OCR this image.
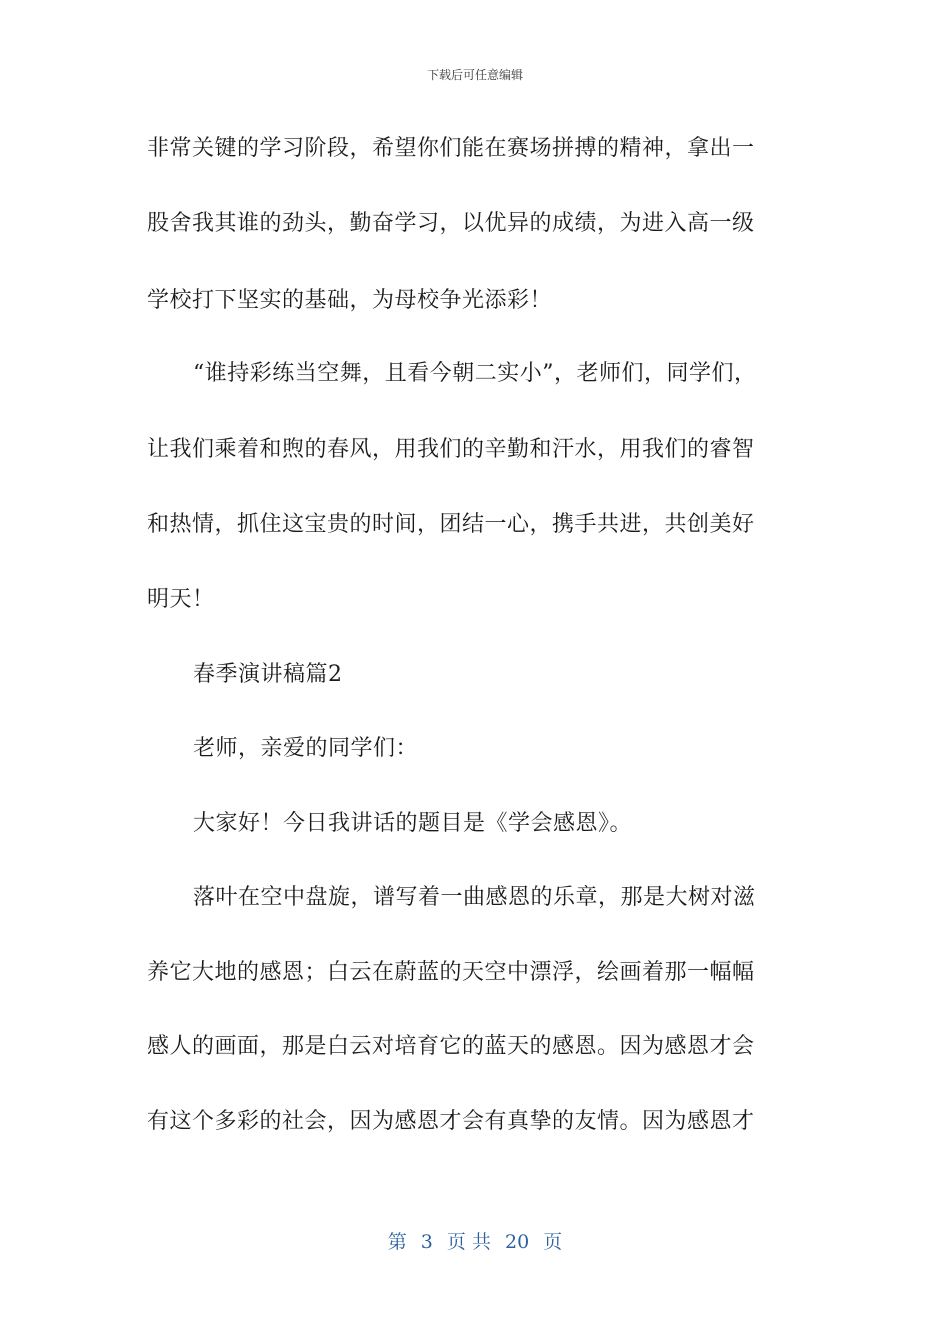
下载后可任意编辑
非常关键的学习阶段，希望你们能在赛场拼搏的精神，拿出一
股舍我其谁的劲头，勤奋学习，以优异的成绩，为进入高一级
学校打下坚实的基础，为母校争光添彩！
“谁持彩练当空舞，且看今朝二实小”，老师们，同学们，
让我们乘着和煦的春风，用我们的辛勤和汗水，用我们的睿智
和热情，抓住这宝贵的时间，团结一心，携手共进，共创美好
明天！
春季演讲稿篇2
老师，亲爱的同学们：
大家好！今日我讲话的题目是《学会感恩》。
落叶在空中盘旋，谱写着一曲感恩的乐章，那是大树对滋
养它大地的感恩；白云在蔚蓝的天空中漂浮，绘画着那一幅幅
感人的画面，那是白云对培育它的蓝天的感恩。因为感恩才会
有这个多彩的社会，因为感恩才会有真挚的友情。因为感恩才
第 3 页 共 20 页
